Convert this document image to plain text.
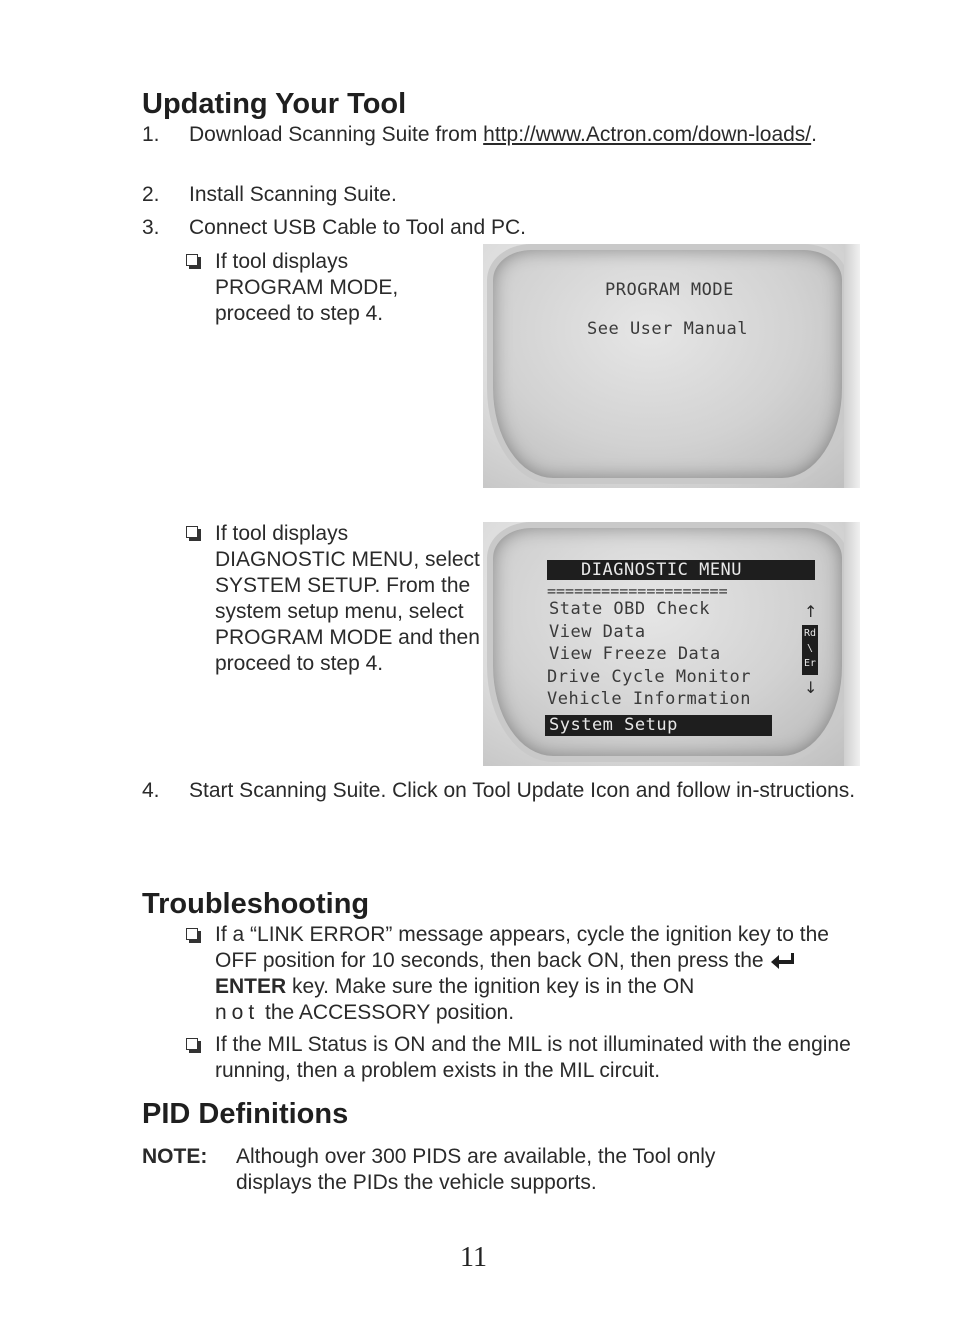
Updating Your Tool
1. Download Scanning Suite from http://www.Actron.com/down-loads/.
2. Install Scanning Suite.
3. Connect USB Cable to Tool and PC.
If tool displays PROGRAM MODE, proceed to step 4.
PROGRAM MODE
See User Manual
If tool displays DIAGNOSTIC MENU, select SYSTEM SETUP. From the system setup menu, select PROGRAM MODE and then proceed to step 4.
DIAGNOSTIC MENU
====================
State OBD Check
View Data
View Freeze Data
Drive Cycle Monitor
Vehicle Information
System Setup
↑
Rd
\
Er
↓
4. Start Scanning Suite. Click on Tool Update Icon and follow in-structions.
Troubleshooting
If a “LINK ERROR” message appears, cycle the ignition key to the OFF position for 10 seconds, then back ON, then press theENTER key. Make sure the ignition key is in the ON
not the ACCESSORY position.
If the MIL Status is ON and the MIL is not illuminated with the engine running, then a problem exists in the MIL circuit.
PID Definitions
NOTE: Although over 300 PIDS are available, the Tool only displays the PIDs the vehicle supports.
11
